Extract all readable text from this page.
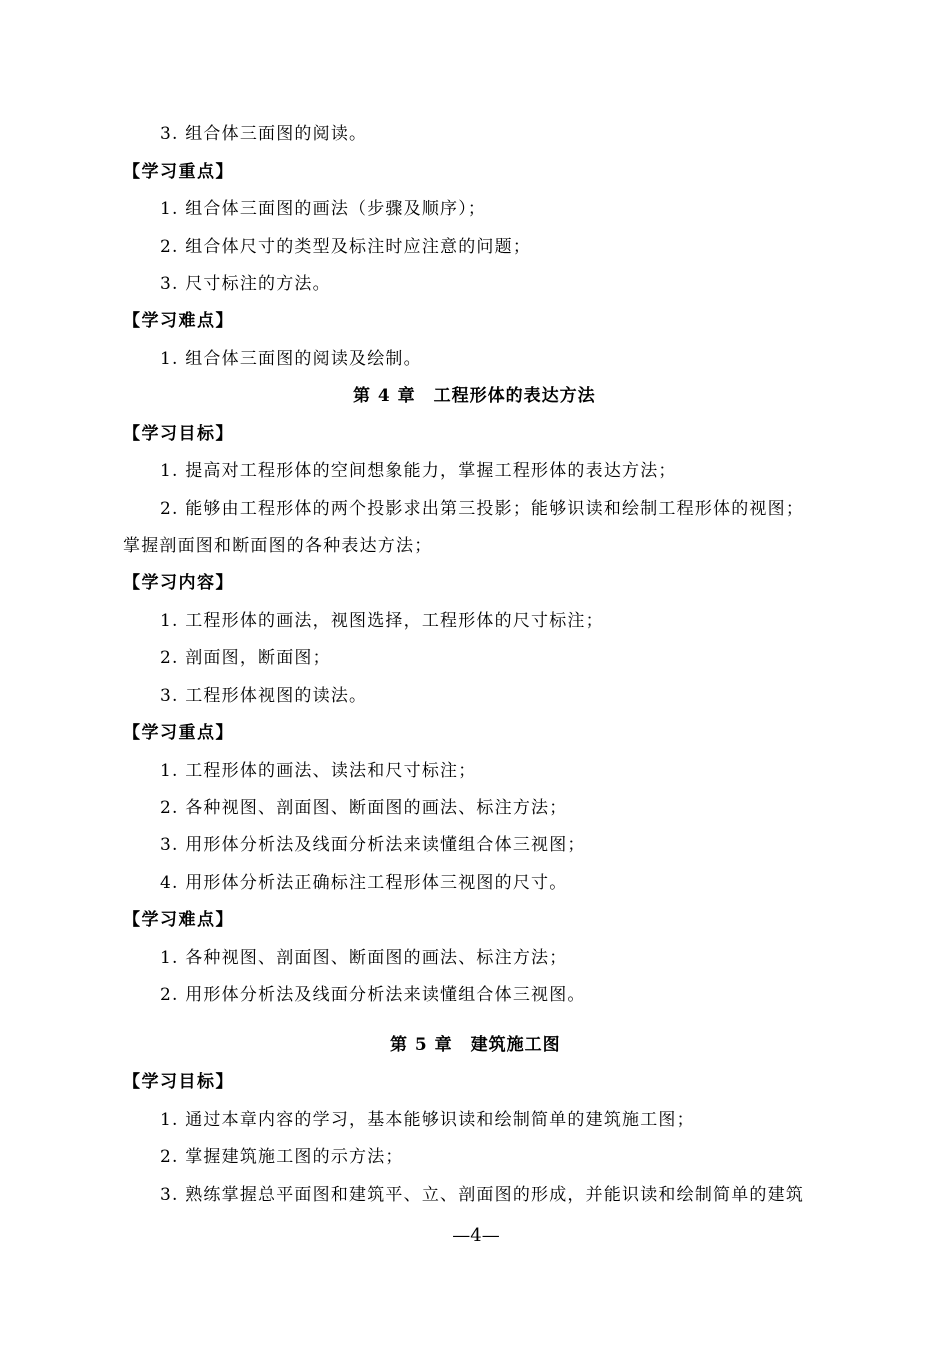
3. 组合体三面图的阅读。
【学习重点】
1. 组合体三面图的画法（步骤及顺序）；
2. 组合体尺寸的类型及标注时应注意的问题；
3. 尺寸标注的方法。
【学习难点】
1. 组合体三面图的阅读及绘制。
第 4 章　工程形体的表达方法
【学习目标】
1. 提高对工程形体的空间想象能力，掌握工程形体的表达方法；
2. 能够由工程形体的两个投影求出第三投影；能够识读和绘制工程形体的视图；
掌握剖面图和断面图的各种表达方法；
【学习内容】
1. 工程形体的画法，视图选择，工程形体的尺寸标注；
2. 剖面图，断面图；
3. 工程形体视图的读法。
【学习重点】
1. 工程形体的画法、读法和尺寸标注；
2. 各种视图、剖面图、断面图的画法、标注方法；
3. 用形体分析法及线面分析法来读懂组合体三视图；
4. 用形体分析法正确标注工程形体三视图的尺寸。
【学习难点】
1. 各种视图、剖面图、断面图的画法、标注方法；
2. 用形体分析法及线面分析法来读懂组合体三视图。
第 5 章　建筑施工图
【学习目标】
1. 通过本章内容的学习，基本能够识读和绘制简单的建筑施工图；
2. 掌握建筑施工图的示方法；
3. 熟练掌握总平面图和建筑平、立、剖面图的形成，并能识读和绘制简单的建筑
—4—
